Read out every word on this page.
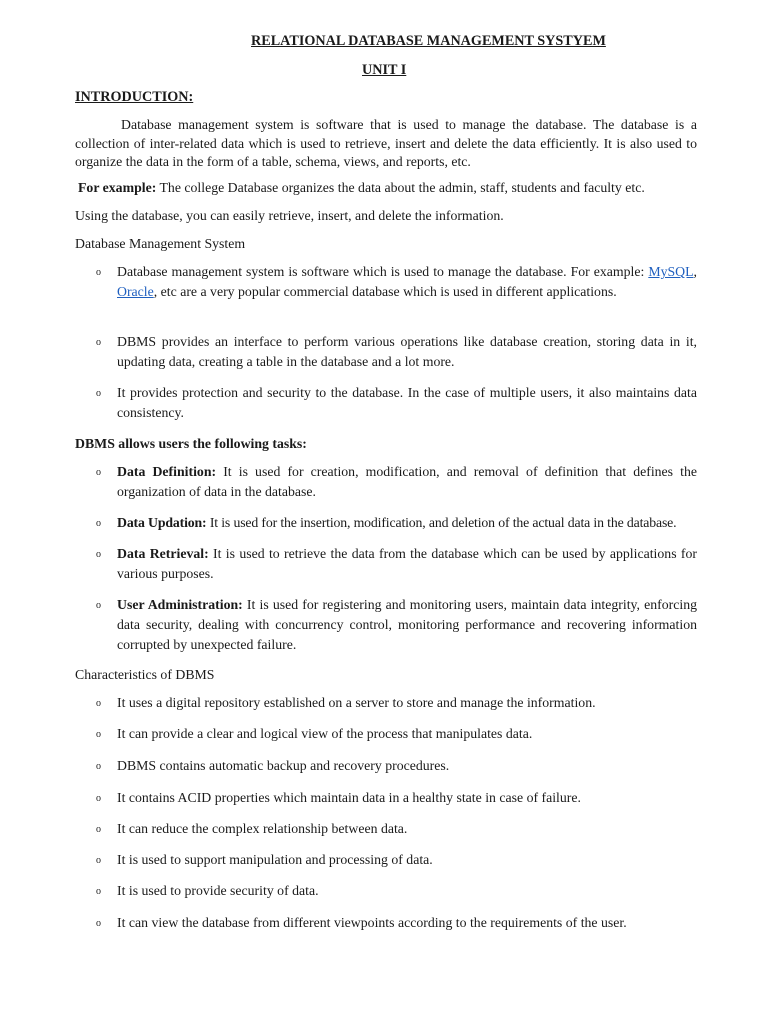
RELATIONAL DATABASE MANAGEMENT SYSTYEM
UNIT I
INTRODUCTION:
Database management system is software that is used to manage the database. The database is a collection of inter-related data which is used to retrieve, insert and delete the data efficiently. It is also used to organize the data in the form of a table, schema, views, and reports, etc.
For example: The college Database organizes the data about the admin, staff, students and faculty etc.
Using the database, you can easily retrieve, insert, and delete the information.
Database Management System
o Database management system is software which is used to manage the database. For example: MySQL, Oracle, etc are a very popular commercial database which is used in different applications.
o DBMS provides an interface to perform various operations like database creation, storing data in it, updating data, creating a table in the database and a lot more.
o It provides protection and security to the database. In the case of multiple users, it also maintains data consistency.
DBMS allows users the following tasks:
o Data Definition: It is used for creation, modification, and removal of definition that defines the organization of data in the database.
o Data Updation: It is used for the insertion, modification, and deletion of the actual data in the database.
o Data Retrieval: It is used to retrieve the data from the database which can be used by applications for various purposes.
o User Administration: It is used for registering and monitoring users, maintain data integrity, enforcing data security, dealing with concurrency control, monitoring performance and recovering information corrupted by unexpected failure.
Characteristics of DBMS
o It uses a digital repository established on a server to store and manage the information.
o It can provide a clear and logical view of the process that manipulates data.
o DBMS contains automatic backup and recovery procedures.
o It contains ACID properties which maintain data in a healthy state in case of failure.
o It can reduce the complex relationship between data.
o It is used to support manipulation and processing of data.
o It is used to provide security of data.
o It can view the database from different viewpoints according to the requirements of the user.
